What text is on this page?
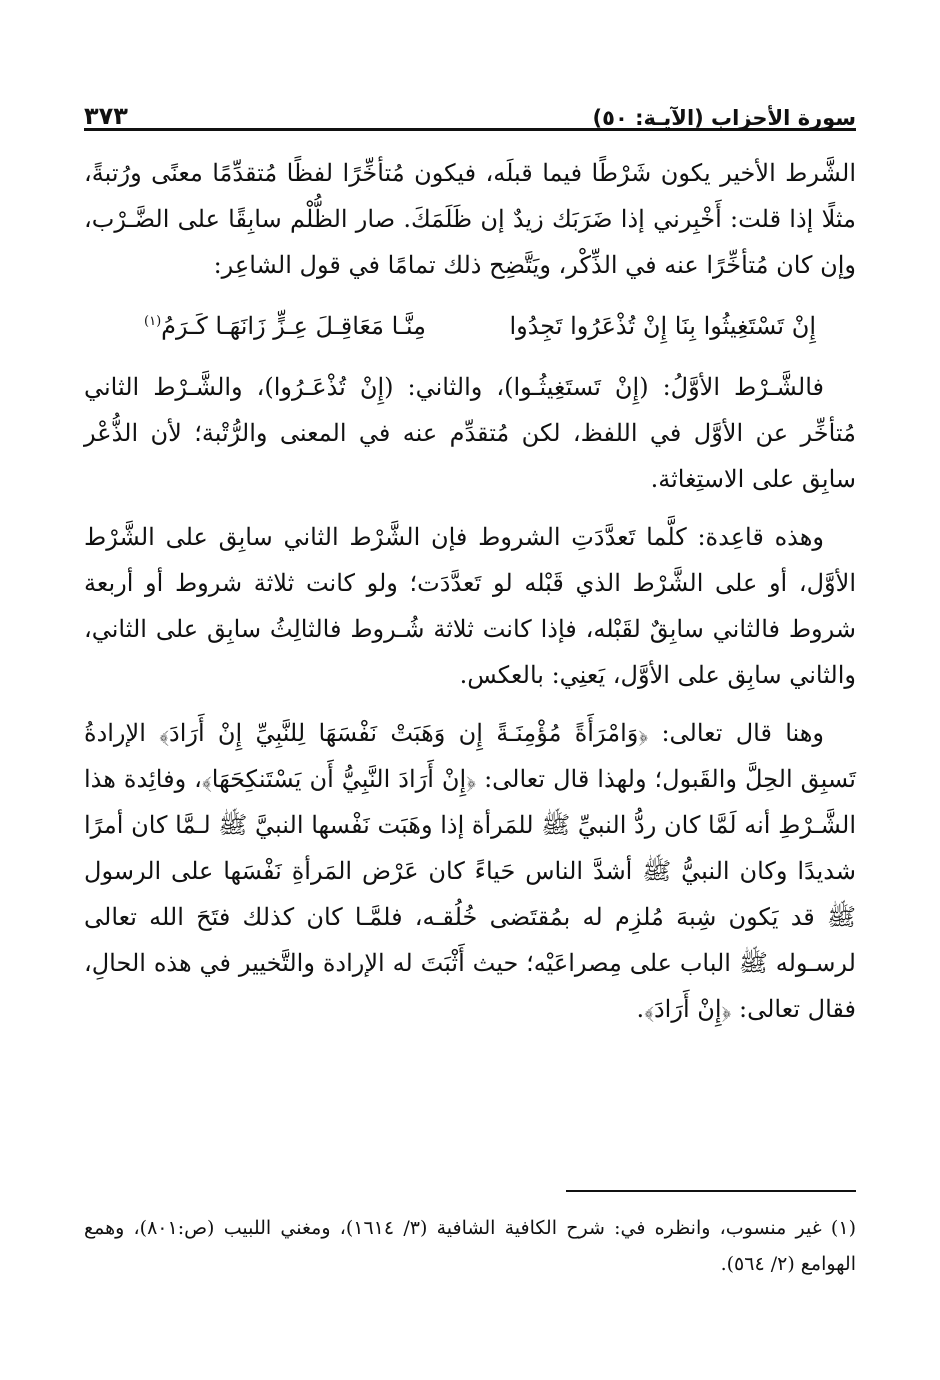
سورة الأحزاب (الآيـة: ٥٠)
٣٧٣

الشَّرط الأخير يكون شَرْطًا فيما قبلَه، فيكون مُتأخِّرًا لفظًا مُتقدِّمًا معنًى ورُتبةً، مثلًا إذا قلت: أَخْبِرني إذا ضَرَبَك زيدٌ إن ظَلَمَكَ. صار الظُّلْم سابِقًا على الضَّـرْب، وإن كان مُتأخِّرًا عنه في الذِّكْر، ويَتَّضِح ذلك تمامًا في قول الشاعِر:

إِنْ تَسْتَغِيثُوا بِنَا إِنْ تُذْعَرُوا تَجِدُوا
مِنَّـا مَعَاقِـلَ عِـزٍّ زَانَهَـا كَـرَمُ$^{(١)}$

فالشَّـرْط الأوَّلُ: (إِنْ تَستَغِيثُـوا)، والثاني: (إِنْ تُذْعَـرُوا)، والشَّـرْط الثاني مُتأخِّر عن الأوَّل في اللفظ، لكن مُتقدِّم عنه في المعنى والرُّتْبة؛ لأن الذُّعْر سابِق على الاستِغاثة.

وهذه قاعِدة: كلَّما تَعدَّدَتِ الشروط فإن الشَّرْط الثاني سابِق على الشَّرْط الأوَّل، أو على الشَّرْط الذي قَبْله لو تَعدَّدَت؛ ولو كانت ثلاثة شروط أو أربعة شروط فالثاني سابِقٌ لقَبْله، فإذا كانت ثلاثة شُـروط فالثالِثُ سابِق على الثاني، والثاني سابِق على الأوَّل، يَعنِي: بالعكس.

وهنا قال تعالى: ﴿وَامْرَأَةً مُؤْمِنَـةً إِن وَهَبَتْ نَفْسَهَا لِلنَّبِيِّ إِنْ أَرَادَ﴾ الإرادةُ تَسبِق الحِلَّ والقَبول؛ ولهذا قال تعالى: ﴿إِنْ أَرَادَ النَّبِيُّ أَن يَسْتَنكِحَهَا﴾، وفائِدة هذا الشَّـرْطِ أنه لَمَّا كان ردُّ النبيِّ ﷺ للمَرأة إذا وهَبَت نَفْسها النبيَّ ﷺ لـمَّا كان أمرًا شديدًا وكان النبيُّ ﷺ أشدَّ الناس حَياءً كان عَرْض المَرأةِ نَفْسَها على الرسول ﷺ قد يَكون شِبهَ مُلزِم له بمُقتَضى خُلُقـه، فلمَّـا كان كذلك فتَحَ الله تعالى لرسـوله ﷺ الباب على مِصراعَيْه؛ حيث أَثْبَتَ له الإرادة والتَّخيير في هذه الحالِ، فقال تعالى: ﴿إِنْ أَرَادَ﴾.

(١) غير منسوب، وانظره في: شرح الكافية الشافية (٣/ ١٦١٤)، ومغني اللبيب (ص:٨٠١)، وهمع الهوامع (٢/ ٥٦٤).
